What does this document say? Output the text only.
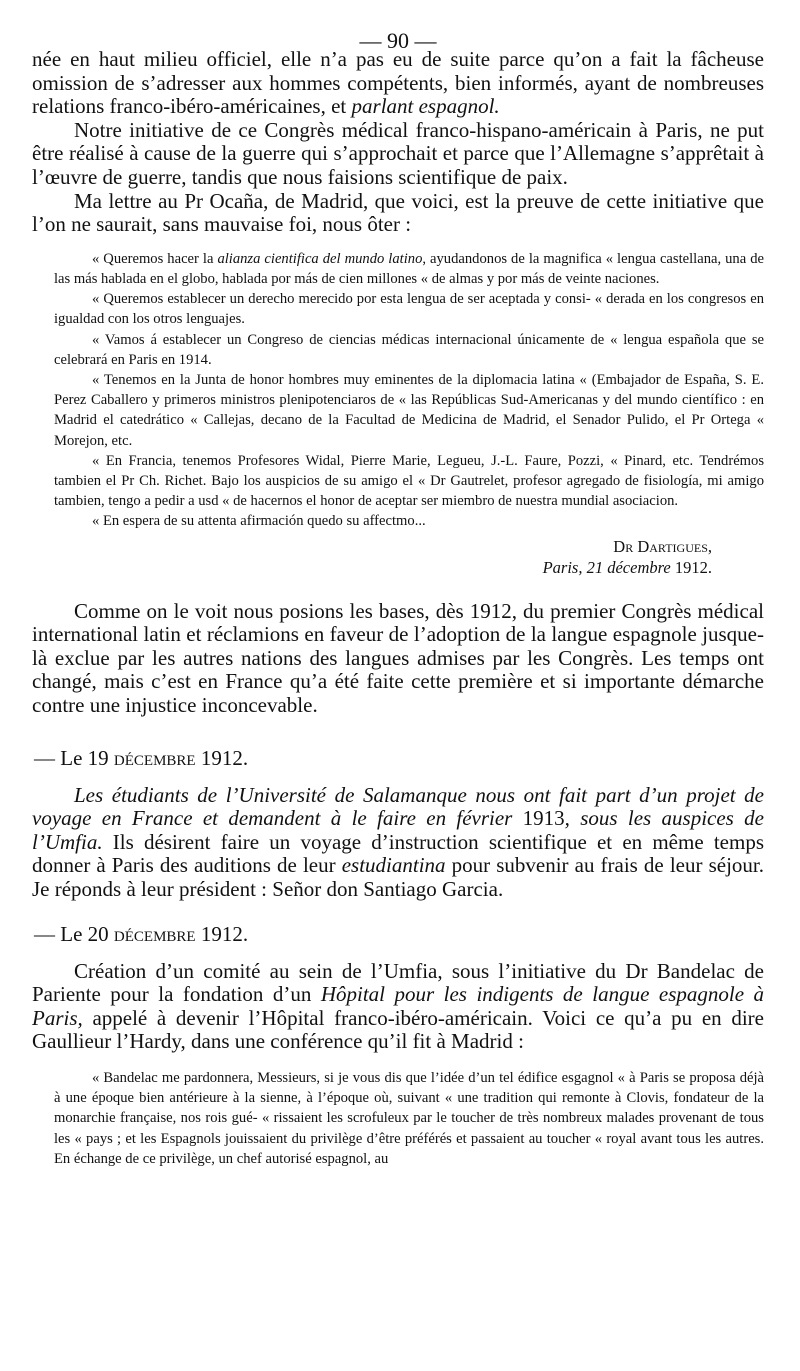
— 90 —

née en haut milieu officiel, elle n’a pas eu de suite parce qu’on a fait la fâcheuse omission de s’adresser aux hommes compétents, bien informés, ayant de nombreuses relations franco-ibéro-américaines, et parlant espagnol.

Notre initiative de ce Congrès médical franco-hispano-américain à Paris, ne put être réalisé à cause de la guerre qui s’approchait et parce que l’Allemagne s’apprêtait à l’œuvre de guerre, tandis que nous faisions scientifique de paix.

Ma lettre au Pr Ocaña, de Madrid, que voici, est la preuve de cette initiative que l’on ne saurait, sans mauvaise foi, nous ôter :

« Queremos hacer la alianza cientifica del mundo latino, ayudandonos de la magnifica « lengua castellana, una de las más hablada en el globo, hablada por más de cien millones « de almas y por más de veinte naciones.

« Queremos establecer un derecho merecido por esta lengua de ser aceptada y consi- « derada en los congresos en igualdad con los otros lenguajes.

« Vamos á establecer un Congreso de ciencias médicas internacional únicamente de « lengua española que se celebrará en Paris en 1914.

« Tenemos en la Junta de honor hombres muy eminentes de la diplomacia latina « (Embajador de España, S. E. Perez Caballero y primeros ministros plenipotenciaros de « las Repúblicas Sud-Americanas y del mundo científico : en Madrid el catedrático « Callejas, decano de la Facultad de Medicina de Madrid, el Senador Pulido, el Pr Ortega « Morejon, etc.

« En Francia, tenemos Profesores Widal, Pierre Marie, Legueu, J.-L. Faure, Pozzi, « Pinard, etc. Tendrémos tambien el Pr Ch. Richet. Bajo los auspicios de su amigo el « Dr Gautrelet, profesor agregado de fisiología, mi amigo tambien, tengo a pedir a usd « de hacernos el honor de aceptar ser miembro de nuestra mundial asociacion.

« En espera de su attenta afirmación quedo su affectmo...

Dr Dartigues,
Paris, 21 décembre 1912.

Comme on le voit nous posions les bases, dès 1912, du premier Congrès médical international latin et réclamions en faveur de l’adoption de la langue espagnole jusque-là exclue par les autres nations des langues admises par les Congrès. Les temps ont changé, mais c’est en France qu’a été faite cette première et si importante démarche contre une injustice inconcevable.

— Le 19 décembre 1912.

Les étudiants de l’Université de Salamanque nous ont fait part d’un projet de voyage en France et demandent à le faire en février 1913, sous les auspices de l’Umfia. Ils désirent faire un voyage d’instruction scientifique et en même temps donner à Paris des auditions de leur estudiantina pour subvenir au frais de leur séjour. Je réponds à leur président : Señor don Santiago Garcia.

— Le 20 décembre 1912.

Création d’un comité au sein de l’Umfia, sous l’initiative du Dr Bandelac de Pariente pour la fondation d’un Hôpital pour les indigents de langue espagnole à Paris, appelé à devenir l’Hôpital franco-ibéro-américain. Voici ce qu’a pu en dire Gaullieur l’Hardy, dans une conférence qu’il fit à Madrid :

« Bandelac me pardonnera, Messieurs, si je vous dis que l’idée d’un tel édifice esgagnol « à Paris se proposa déjà à une époque bien antérieure à la sienne, à l’époque où, suivant « une tradition qui remonte à Clovis, fondateur de la monarchie française, nos rois gué- « rissaient les scrofuleux par le toucher de très nombreux malades provenant de tous les « pays ; et les Espagnols jouissaient du privilège d’être préférés et passaient au toucher « royal avant tous les autres. En échange de ce privilège, un chef autorisé espagnol, au
